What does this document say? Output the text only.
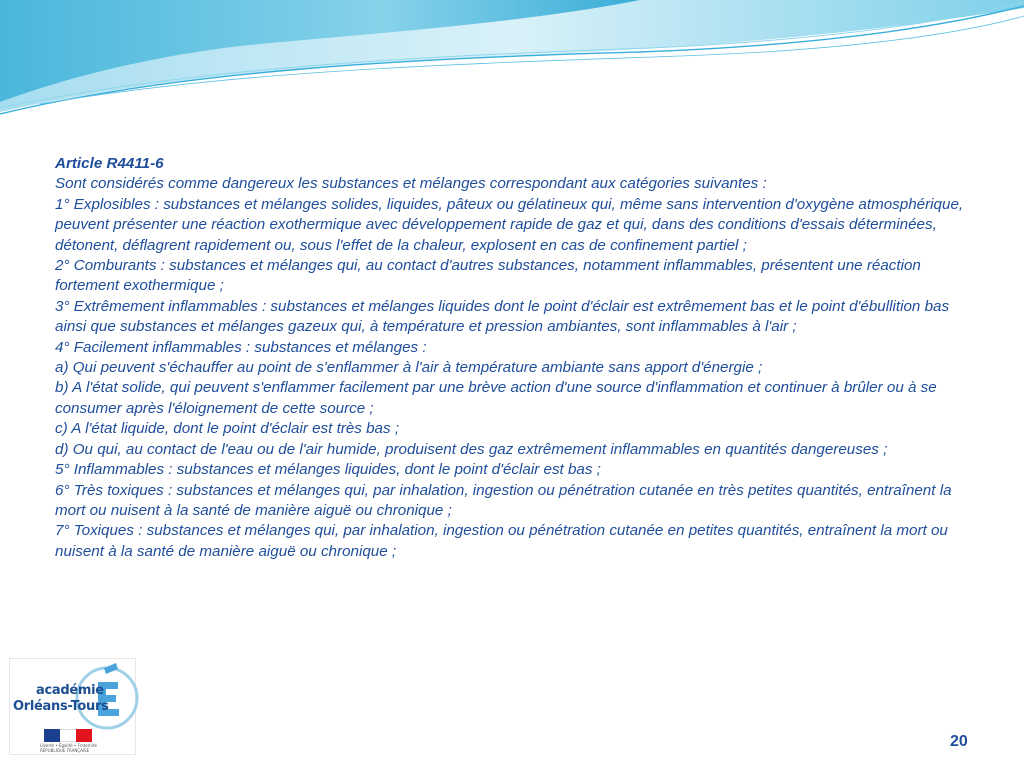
Article R4411-6
Sont considérés comme dangereux les substances et mélanges correspondant aux catégories suivantes :
1° Explosibles : substances et mélanges solides, liquides, pâteux ou gélatineux qui, même sans intervention d'oxygène atmosphérique, peuvent présenter une réaction exothermique avec développement rapide de gaz et qui, dans des conditions d'essais déterminées, détonent, déflagrent rapidement ou, sous l'effet de la chaleur, explosent en cas de confinement partiel ;
2° Comburants : substances et mélanges qui, au contact d'autres substances, notamment inflammables, présentent une réaction fortement exothermique ;
3° Extrêmement inflammables : substances et mélanges liquides dont le point d'éclair est extrêmement bas et le point d'ébullition bas ainsi que substances et mélanges gazeux qui, à température et pression ambiantes, sont inflammables à l'air ;
4° Facilement inflammables : substances et mélanges :
a) Qui peuvent s'échauffer au point de s'enflammer à l'air à température ambiante sans apport d'énergie ;
b) A l'état solide, qui peuvent s'enflammer facilement par une brève action d'une source d'inflammation et continuer à brûler ou à se consumer après l'éloignement de cette source ;
c) A l'état liquide, dont le point d'éclair est très bas ;
d) Ou qui, au contact de l'eau ou de l'air humide, produisent des gaz extrêmement inflammables en quantités dangereuses ;
5° Inflammables : substances et mélanges liquides, dont le point d'éclair est bas ;
6° Très toxiques : substances et mélanges qui, par inhalation, ingestion ou pénétration cutanée en très petites quantités, entraînent la mort ou nuisent à la santé de manière aiguë ou chronique ;
7° Toxiques : substances et mélanges qui, par inhalation, ingestion ou pénétration cutanée en petites quantités, entraînent la mort ou nuisent à la santé de manière aiguë ou chronique ;
académie
Orléans-Tours
Liberté • Égalité • Fraternité
RÉPUBLIQUE FRANÇAISE
20
